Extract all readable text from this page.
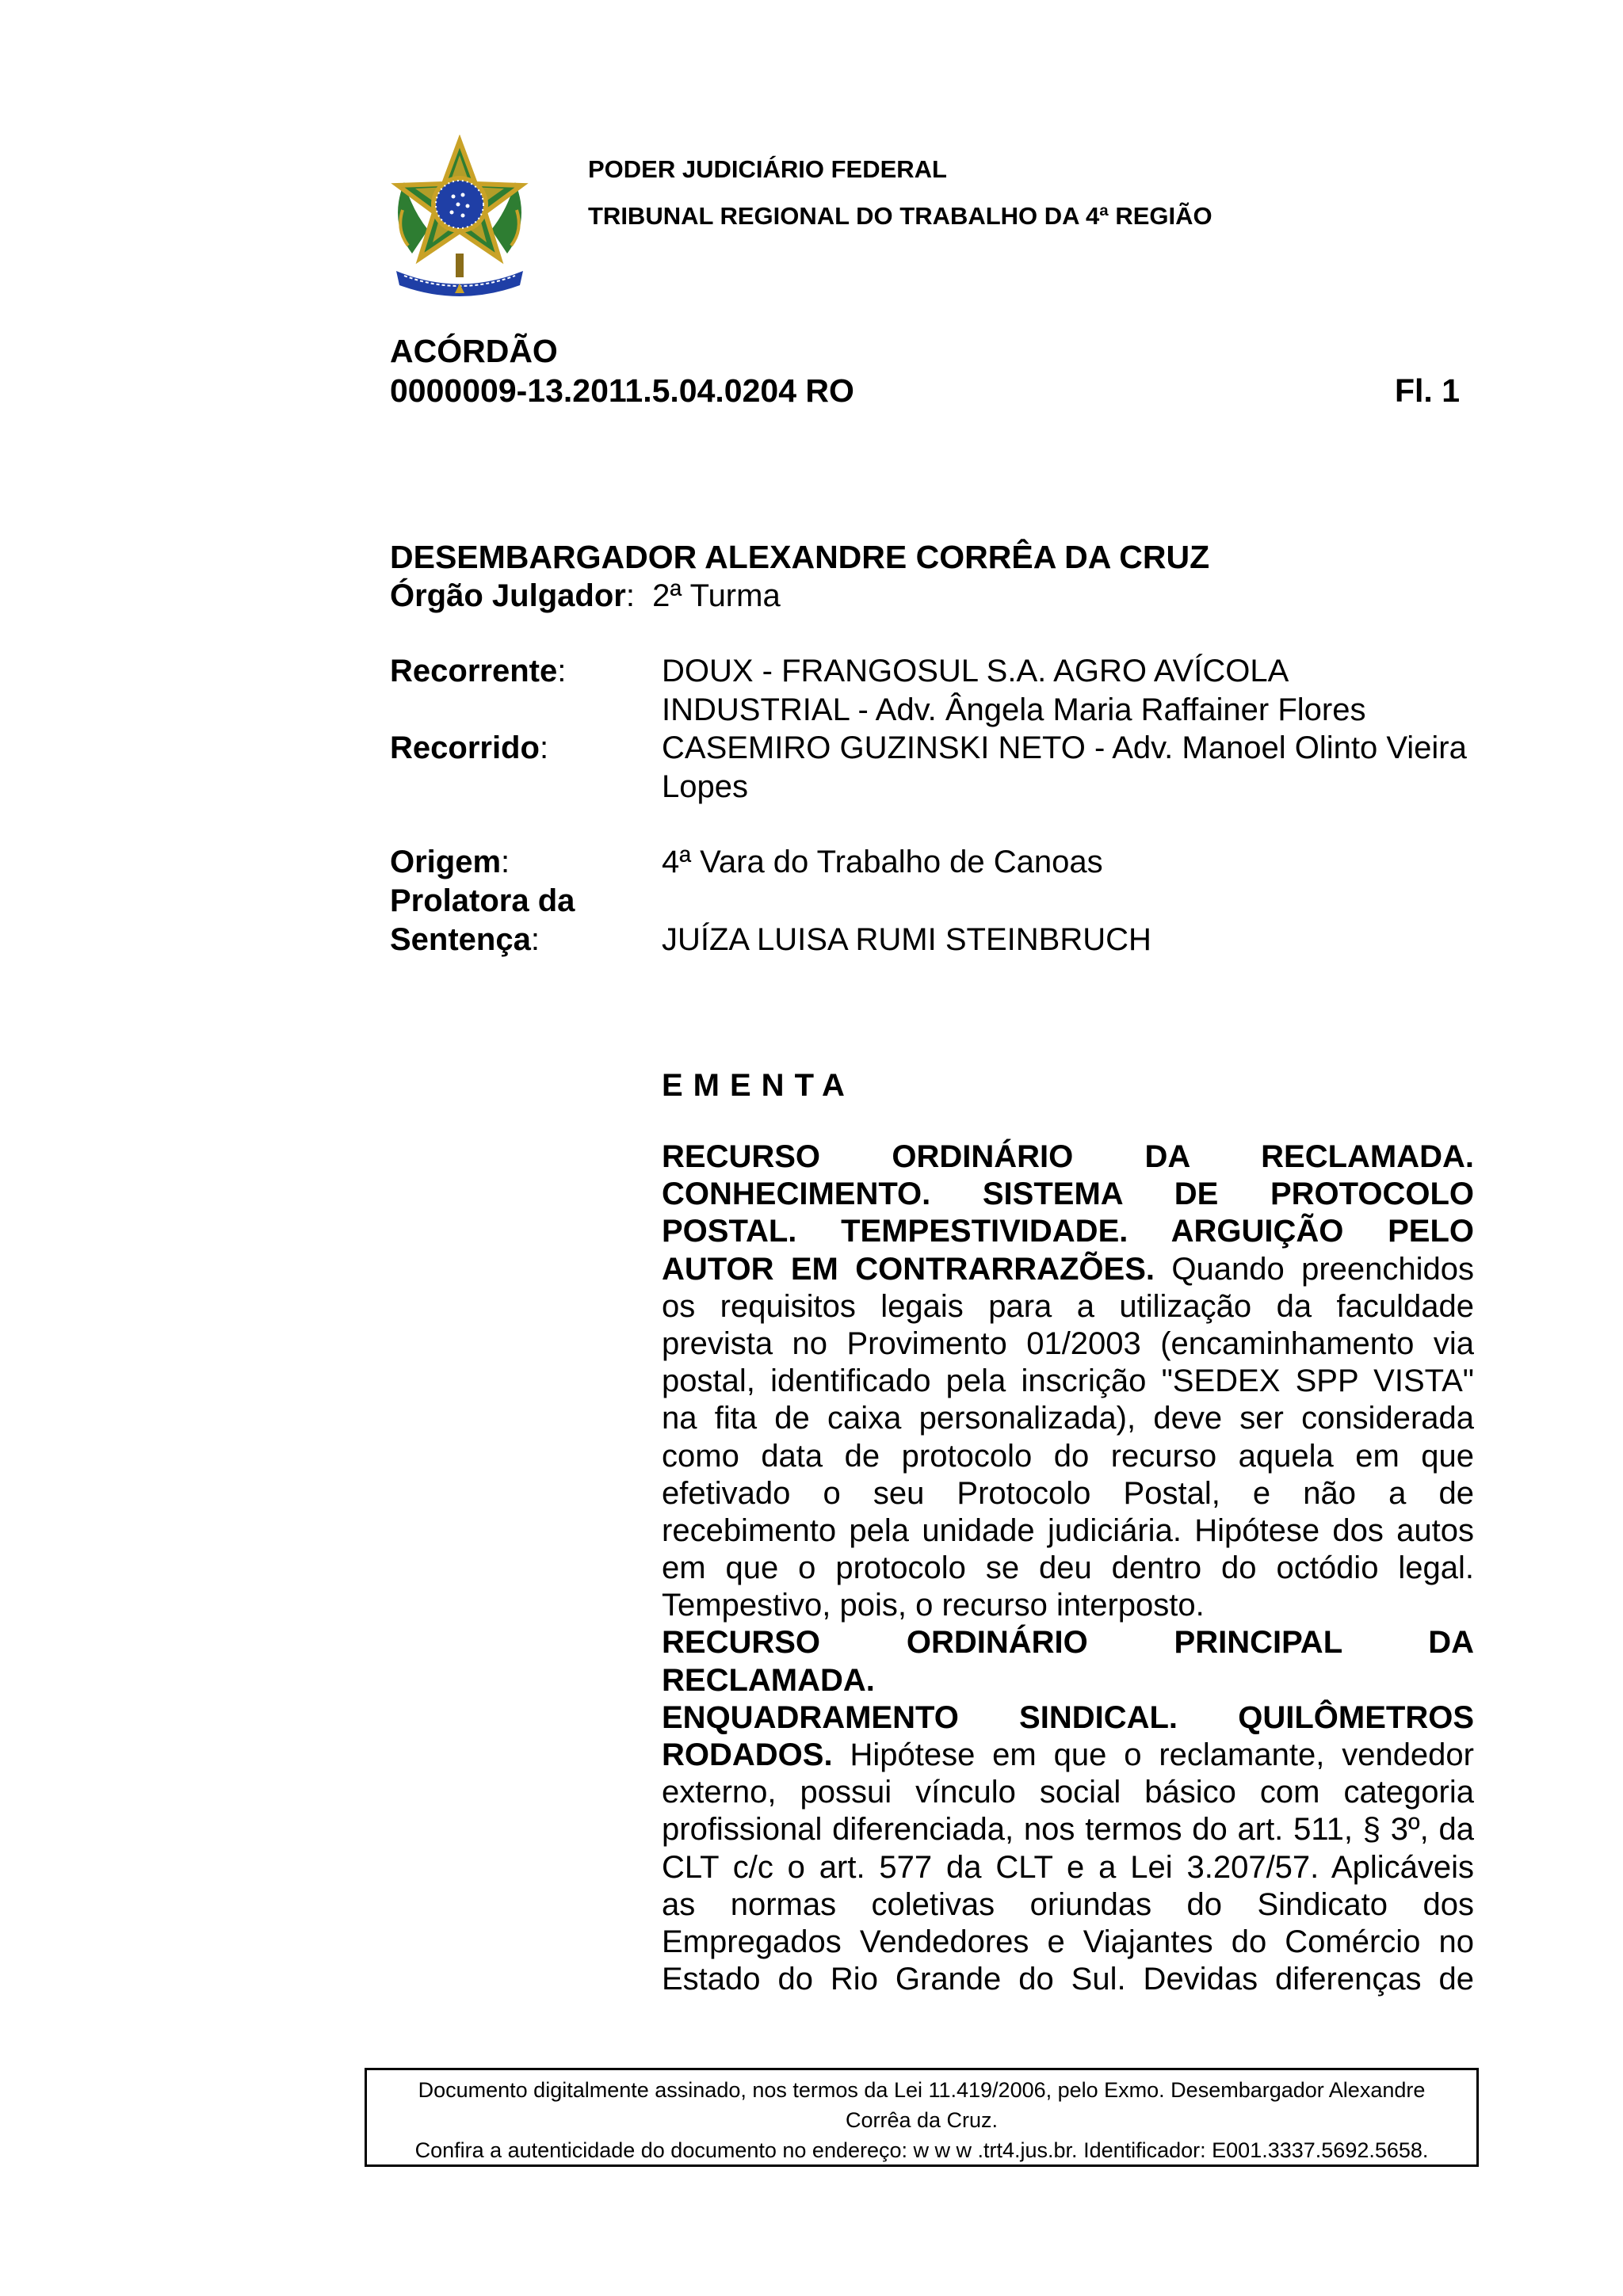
PODER JUDICIÁRIO FEDERAL
TRIBUNAL REGIONAL DO TRABALHO DA 4ª REGIÃO
ACÓRDÃO
0000009-13.2011.5.04.0204 RO	Fl. 1
DESEMBARGADOR ALEXANDRE CORRÊA DA CRUZ
Órgão Julgador: 2ª Turma
Recorrente:	DOUX - FRANGOSUL S.A. AGRO AVÍCOLA
INDUSTRIAL - Adv. Ângela Maria Raffainer Flores
Recorrido:	CASEMIRO GUZINSKI NETO - Adv. Manoel Olinto Vieira
Lopes
Origem:	4ª Vara do Trabalho de Canoas
Prolatora da
Sentença:	JUÍZA LUISA RUMI STEINBRUCH
EMENTA
RECURSO ORDINÁRIO DA RECLAMADA.
CONHECIMENTO. SISTEMA DE PROTOCOLO
POSTAL. TEMPESTIVIDADE. ARGUIÇÃO PELO
AUTOR EM CONTRARRAZÕES. Quando preenchidos
os requisitos legais para a utilização da faculdade
prevista no Provimento 01/2003 (encaminhamento via
postal, identificado pela inscrição "SEDEX SPP VISTA"
na fita de caixa personalizada), deve ser considerada
como data de protocolo do recurso aquela em que
efetivado o seu Protocolo Postal, e não a de
recebimento pela unidade judiciária. Hipótese dos autos
em que o protocolo se deu dentro do octódio legal.
Tempestivo, pois, o recurso interposto.
RECURSO ORDINÁRIO PRINCIPAL DA
RECLAMADA.
ENQUADRAMENTO SINDICAL. QUILÔMETROS
RODADOS. Hipótese em que o reclamante, vendedor
externo, possui vínculo social básico com categoria
profissional diferenciada, nos termos do art. 511, § 3º, da
CLT c/c o art. 577 da CLT e a Lei 3.207/57. Aplicáveis
as normas coletivas oriundas do Sindicato dos
Empregados Vendedores e Viajantes do Comércio no
Estado do Rio Grande do Sul. Devidas diferenças de
Documento digitalmente assinado, nos termos da Lei 11.419/2006, pelo Exmo. Desembargador Alexandre
Corrêa da Cruz.
Confira a autenticidade do documento no endereço: w w w .trt4.jus.br. Identificador: E001.3337.5692.5658.
